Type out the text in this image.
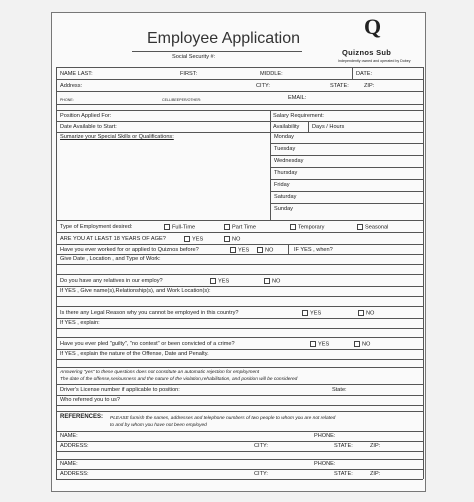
Employee Application
Social Security #:
Q
Quiznos Sub
Independently owned and operated by Dobey
NAME LAST:	FIRST:	MIDDLE:	DATE:
Address:	CITY:	STATE:	ZIP:
PHONE:	CELL/BEEPER/OTHER:	EMAIL:
Position Applied For:	Salary Requirement:
Date Available to Start:	Availability Days / Hours
Sumarize your Special Skills or Qualifications:	Monday
Tuesday
Wednesday
Thursday
Friday
Saturday
Sunday
Type of Employment desired:	Full-Time	Part Time	Temporary	Seasonal
ARE YOU AT LEAST 18 YEARS OF AGE?	YES	NO
Have you ever worked for or applied to Quiznos before?	YES	NO	IF YES , when?
Give Date , Location , and Type of Work:
Do you have any relatives in our employ?	YES	NO
If YES , Give name(s),Relationship(s), and Work Location(s):
Is there any Legal Reason why you cannot be employed in this country?	YES	NO
If YES , explain:
Have you ever pled "guilty", "no contest" or been convicted of a crime?	YES	NO
If YES , explain the nature of the Offense, Date and Penalty.
Answering "yes" to these questions does not constitute an automatic rejection for employment
The date of the offense,seriousness and the nature of the violation,rehabilitation, and position will be considered
Driver's License number if applicable to position:	State:
Who referred you to us?
REFERENCES: PLEASE furnish the names, addresses and telephone numbers of two people to whom you are not related
to and by whom you have not been employed
NAME:	PHONE:
ADDRESS:	CITY:	STATE:	ZIP:
NAME:	PHONE:
ADDRESS:	CITY:	STATE:	ZIP:
